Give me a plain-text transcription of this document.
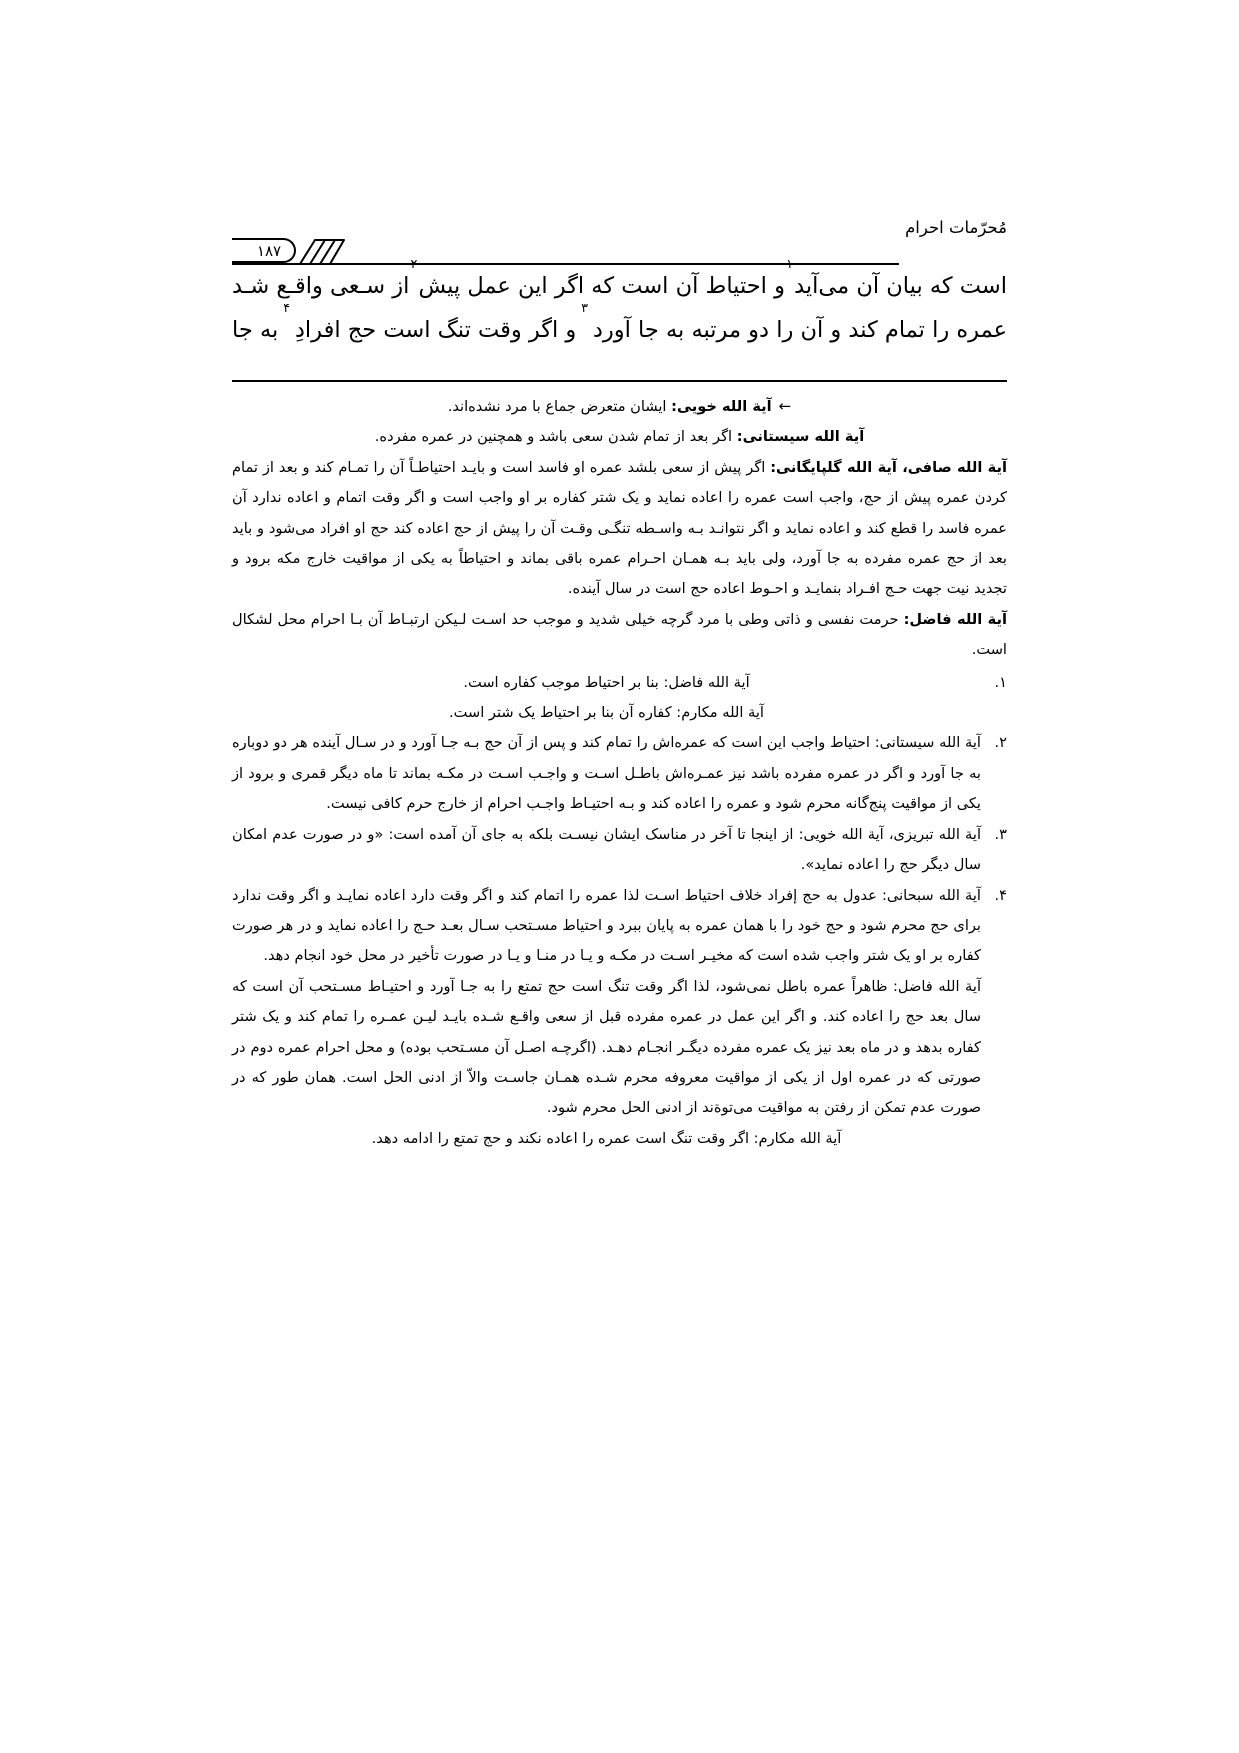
مُحرّمات احرام
۱۸۷
است که بیان آن می‌آید
۱
و احتیاط آن است که اگر این عمل پیش
۲
از سـعی واقـع شـد
عمره را تمام کند و آن را دو مرتبه به جا آورد
۳
و اگر وقت تنگ است حج افرادِ
۴
به جا
←آیة الله خویی: ایشان متعرض جماع با مرد نشده‌اند.
آیة الله سیستانی: اگر بعد از تمام شدن سعی باشد و همچنین در عمره مفرده.
آیة الله صافی، آیة الله گلپایگانی: اگر پیش از سعی بلشد عمره او فاسد است و بایـد احتیاطـاً آن را تمـام کند و بعد از تمام کردن عمره پیش از حج، واجب است عمره را اعاده نماید و یک شتر کفاره بر او واجب است و اگر وقت اتمام و اعاده ندارد آن عمره فاسد را قطع کند و اعاده نماید و اگر نتوانـد بـه واسـطه تنگـی وقـت آن را پیش از حج اعاده کند حج او افراد می‌شود و باید بعد از حج عمره مفرده به جا آورد، ولی باید بـه همـان احـرام عمره باقی بماند و احتیاطاً به یکی از مواقیت خارج مکه برود و تجدید نیت جهت حـج افـراد بنمایـد و احـوط اعاده حج است در سال آینده.
آیة الله فاضل: حرمت نفسی و ذاتی وطی با مرد گرچه خیلی شدید و موجب حد اسـت لـیکن ارتبـاط آن بـا احرام محل لشکال است.
۱.
آیة الله فاضل: بنا بر احتیاط موجب کفاره است.
آیة الله مکارم: کفاره آن بنا بر احتیاط یک شتر است.
۲.
آیة الله سیستانی: احتیاط واجب این است که عمره‌اش را تمام کند و پس از آن حج بـه جـا آورد و در سـال آینده هر دو دوباره به جا آورد و اگر در عمره مفرده باشد نیز عمـره‌اش باطـل اسـت و واجـب اسـت در مکـه بماند تا ماه دیگر قمری و برود از یکی از مواقیت پنج‌گانه محرم شود و عمره را اعاده کند و بـه احتیـاط واجـب احرام از خارج حرم کافی نیست.
۳.
آیة الله تبریزی، آیة الله خویی: از اینجا تا آخر در مناسک ایشان نیسـت بلکه به جای آن آمده است: «و در صورت عدم امکان سال دیگر حج را اعاده نماید».
۴.
آیة الله سبحانی: عدول به حج إفراد خلاف احتیاط اسـت لذا عمره را اتمام کند و اگر وقت دارد اعاده نمایـد و اگر وقت ندارد برای حج محرم شود و حج خود را با همان عمره به پایان ببرد و احتیاط مسـتحب سـال بعـد حـج را اعاده نماید و در هر صورت کفاره بر او یک شتر واجب شده است که مخیـر اسـت در مکـه و یـا در منـا و یـا در صورت تأخیر در محل خود انجام دهد.
آیة الله فاضل: ظاهراً عمره باطل نمی‌شود، لذا اگر وقت تنگ است حج تمتع را به جـا آورد و احتیـاط مسـتحب آن است که سال بعد حج را اعاده کند. و اگر این عمل در عمره مفرده قبل از سعی واقـع شـده بایـد لیـن عمـره را تمام کند و یک شتر کفاره بدهد و در ماه بعد نیز یک عمره مفرده دیگـر انجـام دهـد. (اگرچـه اصـل آن مسـتحب بوده) و محل احرام عمره دوم در صورتی که در عمره اول از یکی از مواقیت معروفه محرم شـده همـان جاسـت والاّ از ادنی الحل است. همان طور که در صورت عدم تمکن از رفتن به مواقیت می‌توةند از ادنی الحل محرم شود.
آیة الله مکارم: اگر وقت تنگ است عمره را اعاده نکند و حج تمتع را ادامه دهد.
